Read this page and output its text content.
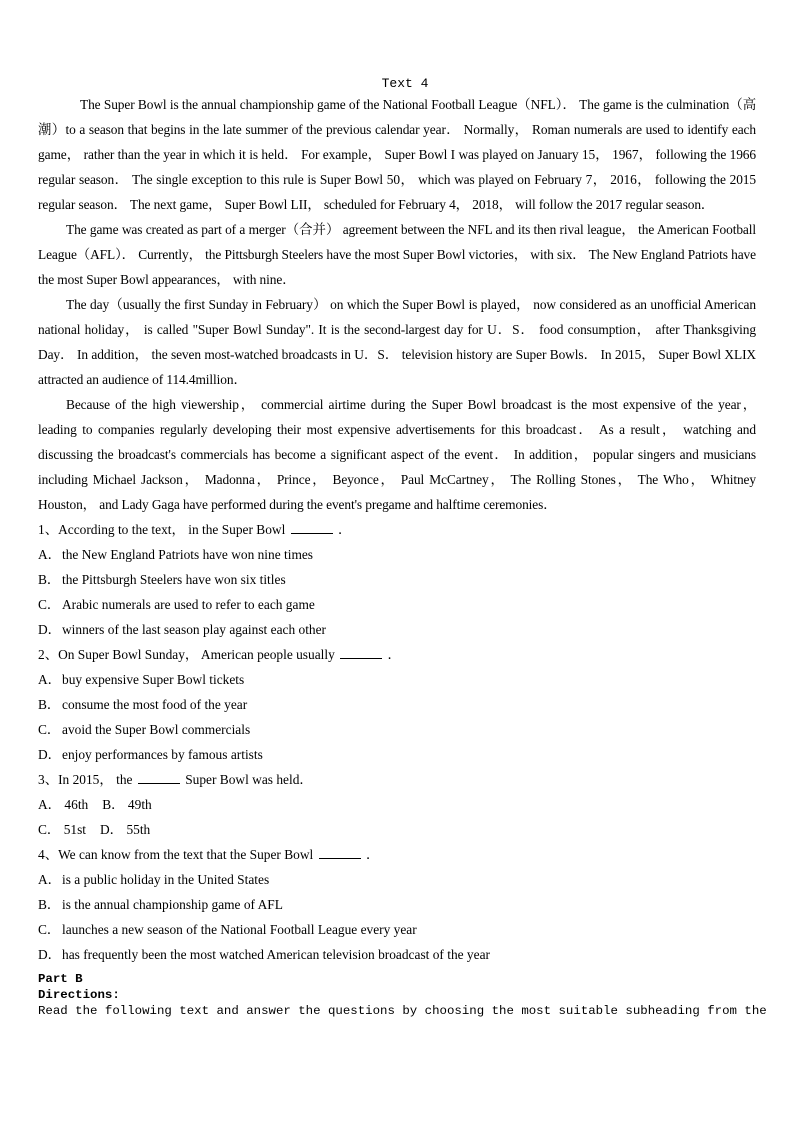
Text 4

The Super Bowl is the annual championship game of the National Football League（NFL）． The game is the culmination（高潮）to a season that begins in the late summer of the previous calendar year． Normally， Roman numerals are used to identify each game， rather than the year in which it is held． For example， Super Bowl I was played on January 15， 1967， following the 1966 regular season． The single exception to this rule is Super Bowl 50， which was played on February 7， 2016， following the 2015 regular season． The next game， Super Bowl LII， scheduled for February 4， 2018， will follow the 2017 regular season．

The game was created as part of a merger（合并） agreement between the NFL and its then rival league， the American Football League（AFL）． Currently， the Pittsburgh Steelers have the most Super Bowl victories， with six． The New England Patriots have the most Super Bowl appearances， with nine．

The day（usually the first Sunday in February） on which the Super Bowl is played， now considered as an unofficial American national holiday， is called "Super Bowl Sunday". It is the second-largest day for U．S． food consumption， after Thanksgiving Day． In addition， the seven most-watched broadcasts in U．S． television history are Super Bowls． In 2015， Super Bowl XLIX attracted an audience of 114.4million．

Because of the high viewership， commercial airtime during the Super Bowl broadcast is the most expensive of the year， leading to companies regularly developing their most expensive advertisements for this broadcast． As a result， watching and discussing the broadcast's commercials has become a significant aspect of the event． In addition， popular singers and musicians including Michael Jackson， Madonna， Prince， Beyonce， Paul McCartney， The Rolling Stones， The Who， Whitney Houston， and Lady Gaga have performed during the event's pregame and halftime ceremonies．

1、According to the text， in the Super Bowl	．
A．the New England Patriots have won nine times
B． the Pittsburgh Steelers have won six titles
C． Arabic numerals are used to refer to each game
D．winners of the last season play against each other
2、On Super Bowl Sunday， American people usually	．
A．buy expensive Super Bowl tickets
B． consume the most food of the year
C． avoid the Super Bowl commercials
D．enjoy performances by famous artists
3、In 2015， the	Super Bowl was held．
A． 46th B． 49th
C． 51st D． 55th
4、We can know from the text that the Super Bowl	．
A．is a public holiday in the United States
B． is the annual championship game of AFL
C． launches a new season of the National Football League every year
D．has frequently been the most watched American television broadcast of the year
Part B
Directions:
Read the following text and answer the questions by choosing the most suitable subheading from the
